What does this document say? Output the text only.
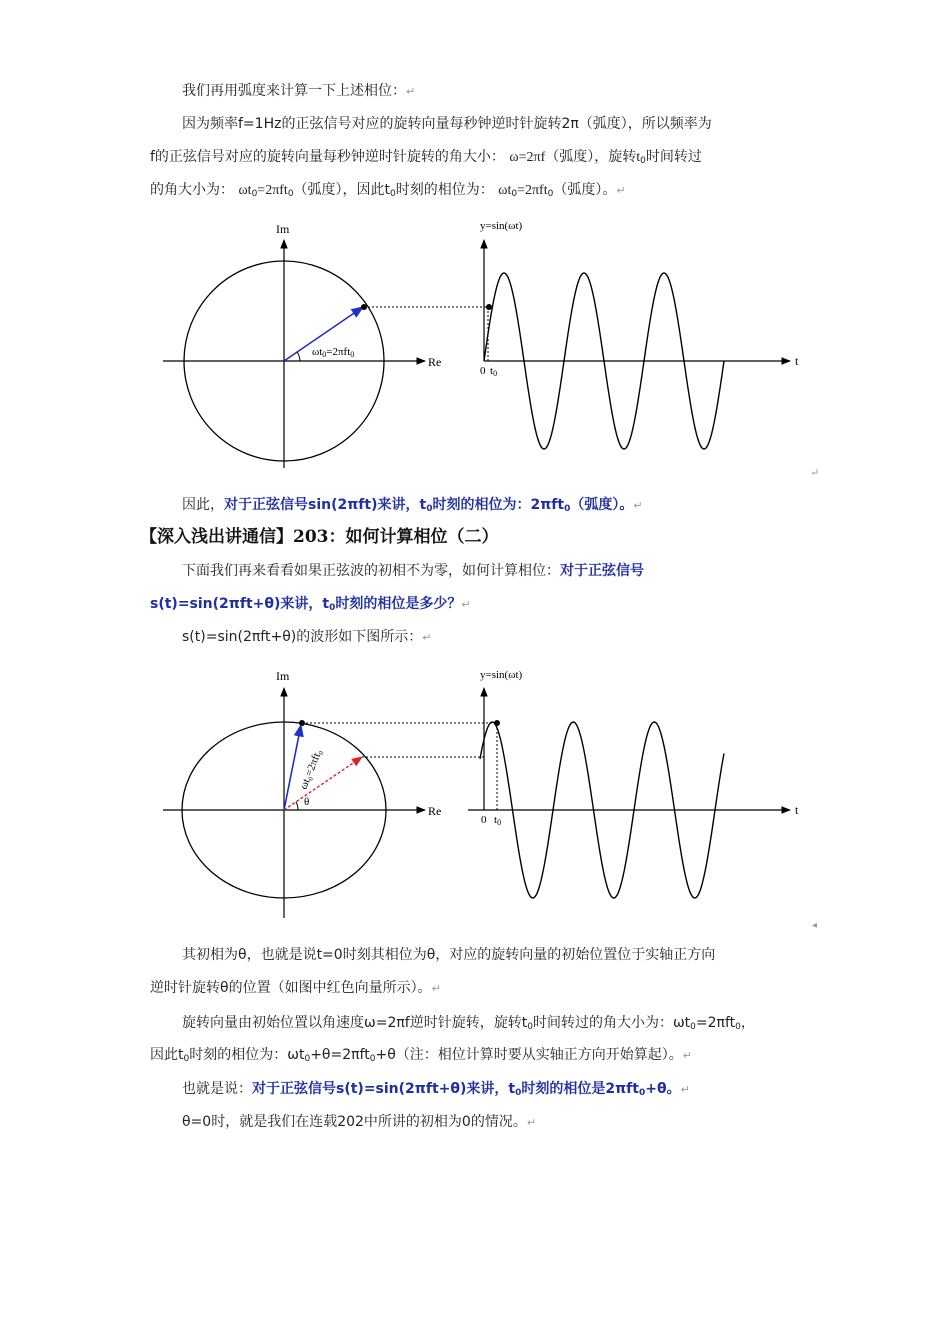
我们再用弧度来计算一下上述相位：↵
因为频率f=1Hz的正弦信号对应的旋转向量每秒钟逆时针旋转2π（弧度），所以频率为
f的正弦信号对应的旋转向量每秒钟逆时针旋转的角大小： ω=2πf（弧度），旋转$t_0$时间转过
的角大小为： $\omega t_0=2\pi ft_0$（弧度），因此$t_0$时刻的相位为： $\omega t_0=2\pi ft_0$（弧度）。↵
Im
Re
ωt0=2πft0
y=sin(ωt)
t
0 t0
↵
因此，对于正弦信号sin(2πft)来讲，$t_0$时刻的相位为：2πft$_0$（弧度）。↵
【深入浅出讲通信】203：如何计算相位（二）
下面我们再来看看如果正弦波的初相不为零，如何计算相位：对于正弦信号
s(t)=sin(2πft+θ)来讲，$t_0$时刻的相位是多少？↵
s(t)=sin(2πft+θ)的波形如下图所示：↵
Im
Re
θ
ωt₀=2πft₀
y=sin(ωt)
t
0 t0
◂
其初相为θ，也就是说t=0时刻其相位为θ，对应的旋转向量的初始位置位于实轴正方向
逆时针旋转θ的位置（如图中红色向量所示）。↵
旋转向量由初始位置以角速度ω=2πf逆时针旋转，旋转$t_0$时间转过的角大小为：$\omega t_0=2\pi ft_0$，
因此$t_0$时刻的相位为：$\omega t_0+\theta=2\pi ft_0+\theta$（注：相位计算时要从实轴正方向开始算起）。↵
也就是说：对于正弦信号s(t)=sin(2πft+θ)来讲，$t_0$时刻的相位是2πft$_0$+θ。↵
θ=0时，就是我们在连载202中所讲的初相为0的情况。↵
